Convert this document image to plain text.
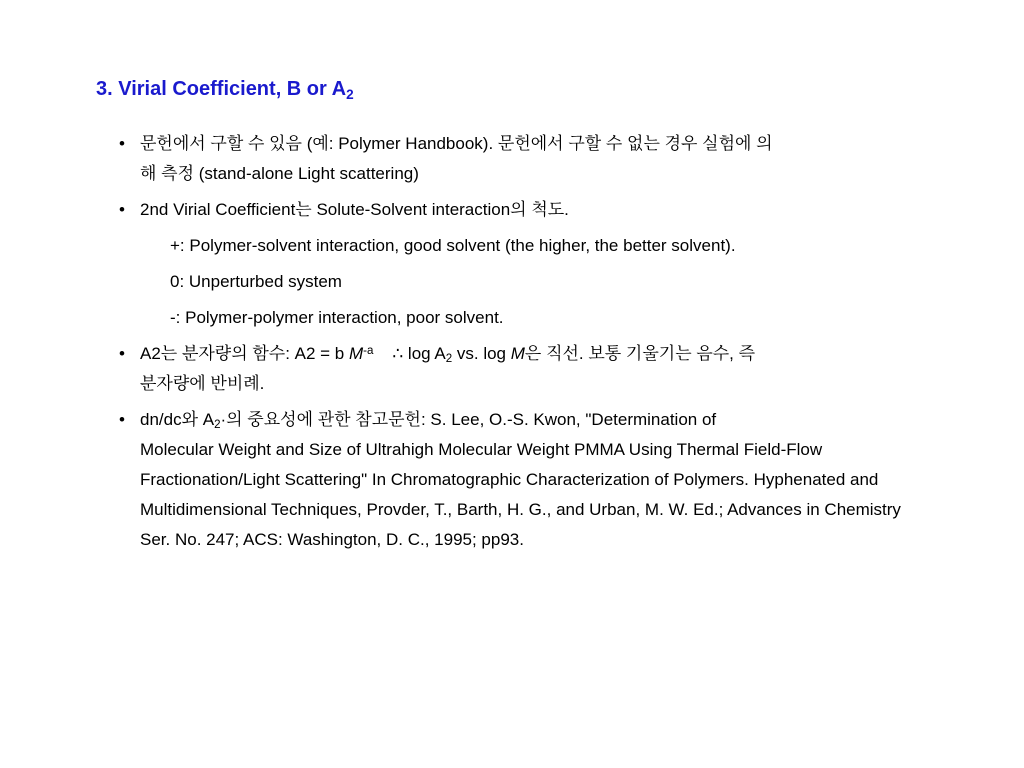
3. Virial Coefficient, B or $A_2$
• 문헌에서 구할 수 있음 (예: Polymer Handbook). 문헌에서 구할 수 없는 경우 실험에 의
해 측정 (stand-alone Light scattering)
• 2nd Virial Coefficient는 Solute-Solvent interaction의 척도.
+: Polymer-solvent interaction, good solvent (the higher, the better solvent).
0: Unperturbed system
-: Polymer-polymer interaction, poor solvent.
• A2는 분자량의 함수: A2 = b $M^{-a}$ ∴ $\log A_2$ vs. log M은 직선. 보통 기울기는 음수, 즉
분자량에 반비례.
• dn/dc와 $A_2\cdot$의 중요성에 관한 참고문헌: S. Lee, O.-S. Kwon, "Determination of
Molecular Weight and Size of Ultrahigh Molecular Weight PMMA Using Thermal Field-Flow Fractionation/Light Scattering" In Chromatographic Characterization of Polymers. Hyphenated and Multidimensional Techniques, Provder, T., Barth, H. G., and Urban, M. W. Ed.; Advances in Chemistry Ser. No. 247; ACS: Washington, D. C., 1995; pp93.
